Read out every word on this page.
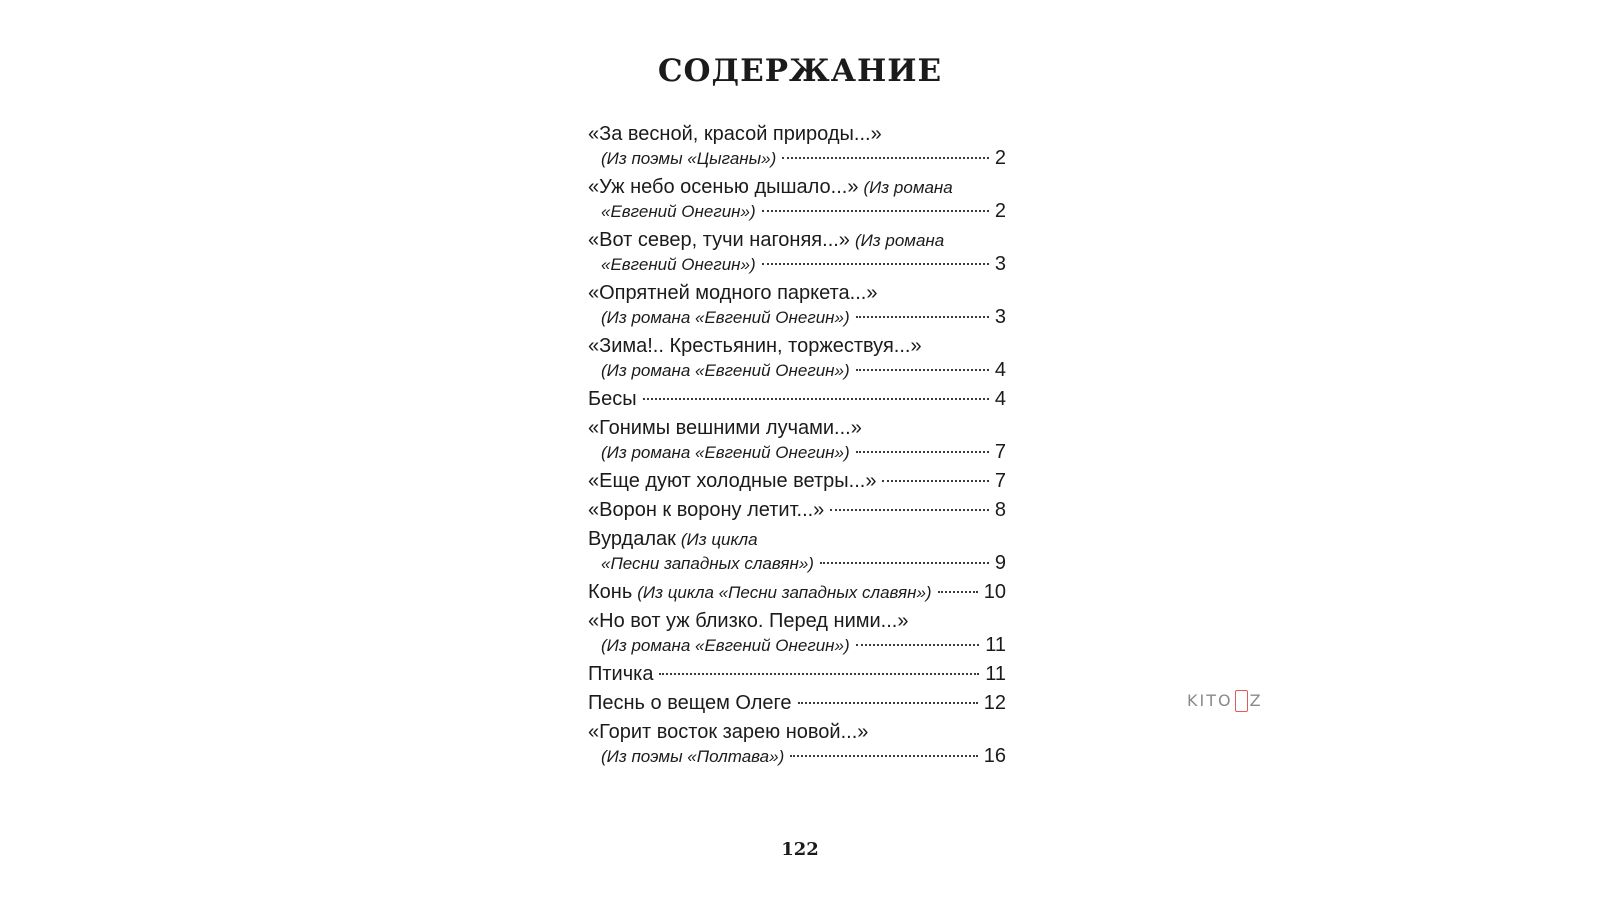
СОДЕРЖАНИЕ
«За весной, красой природы...»
(Из поэмы «Цыганы»)	2
«Уж небо осенью дышало...» (Из романа
«Евгений Онегин»)	2
«Вот север, тучи нагоняя...» (Из романа
«Евгений Онегин»)	3
«Опрятней модного паркета...»
(Из романа «Евгений Онегин»)	3
«Зима!.. Крестьянин, торжествуя...»
(Из романа «Евгений Онегин»)	4
Бесы	4
«Гонимы вешними лучами...»
(Из романа «Евгений Онегин»)	7
«Еще дуют холодные ветры...»	7
«Ворон к ворону летит...»	8
Вурдалак (Из цикла
«Песни западных славян»)	9
Конь (Из цикла «Песни западных славян»)	10
«Но вот уж близко. Перед ними...»
(Из романа «Евгений Онегин»)	11
Птичка	11
Песнь о вещем Олеге	12
«Горит восток зарею новой...»
(Из поэмы «Полтава»)	16
122
KITO Z
